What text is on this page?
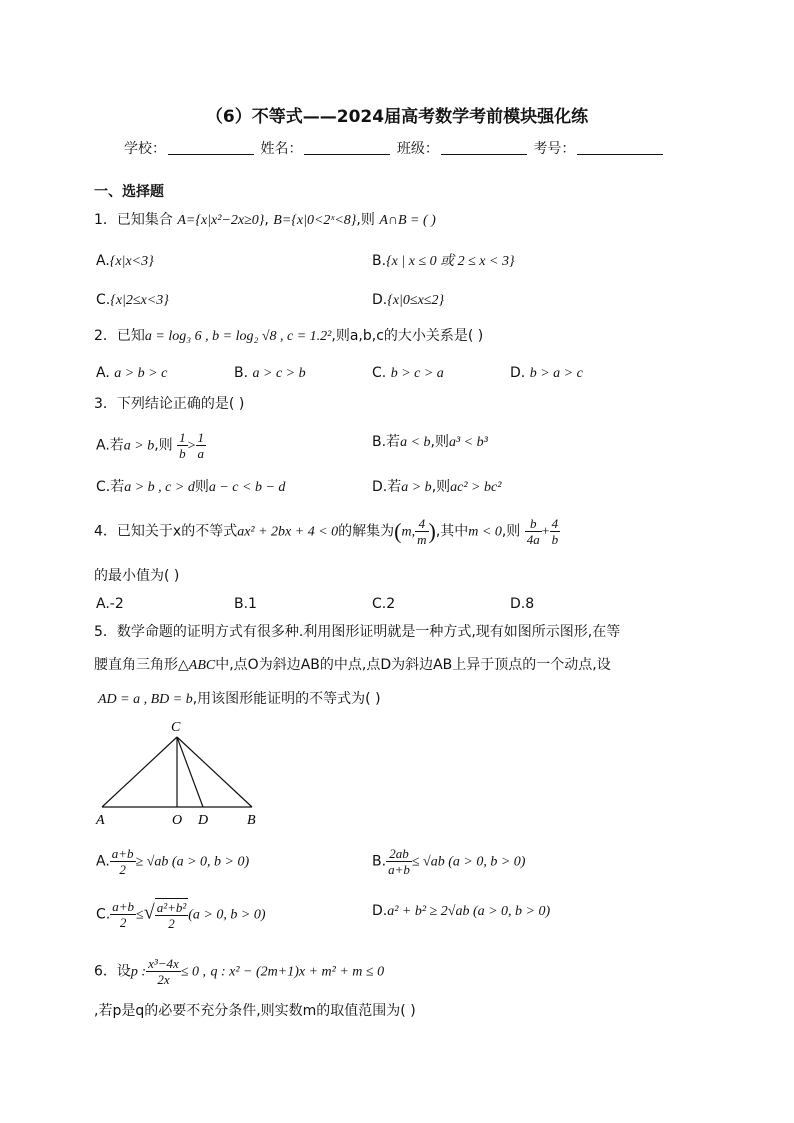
（6）不等式——2024届高考数学考前模块强化练
学校：	姓名：	班级：	考号：
一、选择题
1．已知集合 A={x|x²−2x≥0}, B={x|0<2ˣ<8},则 A∩B = ( )
A.{x|x<3}	B.{x | x ≤ 0 或 2 ≤ x < 3}
C.{x|2≤x<3}	D.{x|0≤x≤2}
2．已知a = log₃ 6 , b = log₂ √8 , c = 1.2²,则a,b,c的大小关系是( )
A. a > b > c	B. a > c > b	C. b > c > a	D. b > a > c
3．下列结论正确的是( )
A.若a > b,则 $\frac{1}{b} > \frac{1}{a}$	B.若a < b,则a³ < b³
C.若a > b , c > d则a − c < b − d	D.若a > b,则ac² > bc²
4．已知关于x的不等式ax² + 2bx + 4 < 0的解集为(m, $\frac{4}{m}$ ),其中m < 0,则 $\frac{b}{4a} + \frac{4}{b}$
的最小值为( )
A.-2	B.1	C.2	D.8
5．数学命题的证明方式有很多种.利用图形证明就是一种方式,现有如图所示图形,在等
腰直角三角形△ABC中,点O为斜边AB的中点,点D为斜边AB上异于顶点的一个动点,设
AD = a , BD = b,用该图形能证明的不等式为( )
C
A	O D	B
A. $\frac{a+b}{2} \ge √ab$ (a > 0, b > 0)	B. $\frac{2ab}{a+b} \le √ab$ (a > 0, b > 0)
C. $\frac{a+b}{2}$ ≤√ $\frac{\text{a²+b²}}{2} (a > 0$, b > 0)	D.a² + b² ≥ 2√ab (a > 0, b > 0)
6．设p : $\frac{\text{x³−4x}}{2x} \le 0$ , q : x² − (2m+1)x + m² + m ≤ 0
,若p是q的必要不充分条件,则实数m的取值范围为( )
